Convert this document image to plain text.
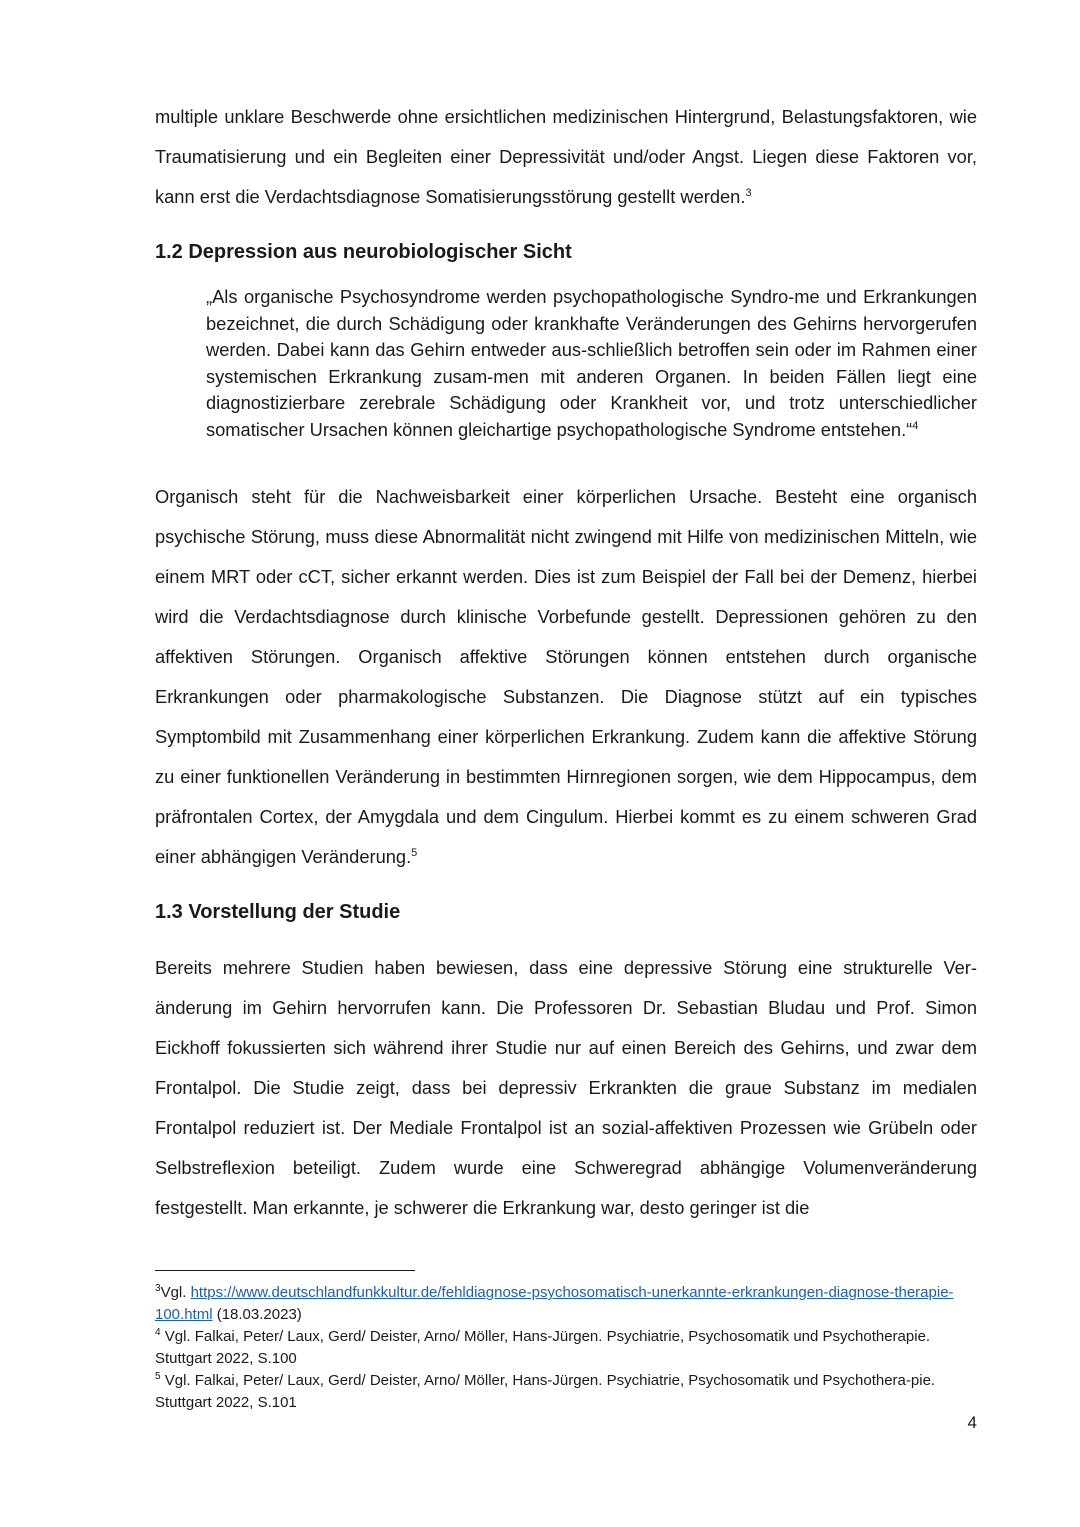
multiple unklare Beschwerde ohne ersichtlichen medizinischen Hintergrund, Belastungsfaktoren, wie Traumatisierung und ein Begleiten einer Depressivität und/oder Angst. Liegen diese Faktoren vor, kann erst die Verdachtsdiagnose Somatisierungsstörung gestellt werden.$^3$

1.2 Depression aus neurobiologischer Sicht

„Als organische Psychosyndrome werden psychopathologische Syndro-me und Erkrankungen bezeichnet, die durch Schädigung oder krankhafte Veränderungen des Gehirns hervorgerufen werden. Dabei kann das Gehirn entweder aus-schließlich betroffen sein oder im Rahmen einer systemischen Erkrankung zusam-men mit anderen Organen. In beiden Fällen liegt eine diagnostizierbare zerebrale Schädigung oder Krankheit vor, und trotz unterschiedlicher somatischer Ursachen können gleichartige psychopathologische Syndrome entstehen.“$^4$

Organisch steht für die Nachweisbarkeit einer körperlichen Ursache. Besteht eine organisch psychische Störung, muss diese Abnormalität nicht zwingend mit Hilfe von medizinischen Mitteln, wie einem MRT oder cCT, sicher erkannt werden. Dies ist zum Beispiel der Fall bei der Demenz, hierbei wird die Verdachtsdiagnose durch klinische Vorbefunde gestellt. Depressionen gehören zu den affektiven Störungen. Organisch affektive Störungen können entstehen durch organische Erkrankungen oder pharmakologische Substanzen. Die Diagnose stützt auf ein typisches Symptombild mit Zusammenhang einer körperlichen Erkrankung. Zudem kann die affektive Störung zu einer funktionellen Veränderung in bestimmten Hirnregionen sorgen, wie dem Hippocampus, dem präfrontalen Cortex, der Amygdala und dem Cingulum. Hierbei kommt es zu einem schweren Grad einer abhängigen Veränderung.$^5$

1.3 Vorstellung der Studie

Bereits mehrere Studien haben bewiesen, dass eine depressive Störung eine strukturelle Veränderung im Gehirn hervorrufen kann. Die Professoren Dr. Sebastian Bludau und Prof. Simon Eickhoff fokussierten sich während ihrer Studie nur auf einen Bereich des Gehirns, und zwar dem Frontalpol. Die Studie zeigt, dass bei depressiv Erkrankten die graue Substanz im medialen Frontalpol reduziert ist. Der Mediale Frontalpol ist an sozial-affektiven Prozessen wie Grübeln oder Selbstreflexion beteiligt. Zudem wurde eine Schweregrad abhängige Volumenveränderung festgestellt. Man erkannte, je schwerer die Erkrankung war, desto geringer ist die

$^3$Vgl. https://www.deutschlandfunkkultur.de/fehldiagnose-psychosomatisch-unerkannte-erkrankungen-diagnose-therapie-100.html (18.03.2023)

$^4$ Vgl. Falkai, Peter/ Laux, Gerd/ Deister, Arno/ Möller, Hans-Jürgen. Psychiatrie, Psychosomatik und Psychotherapie. Stuttgart 2022, S.100

$^5$ Vgl. Falkai, Peter/ Laux, Gerd/ Deister, Arno/ Möller, Hans-Jürgen. Psychiatrie, Psychosomatik und Psychothera-pie. Stuttgart 2022, S.101

4
